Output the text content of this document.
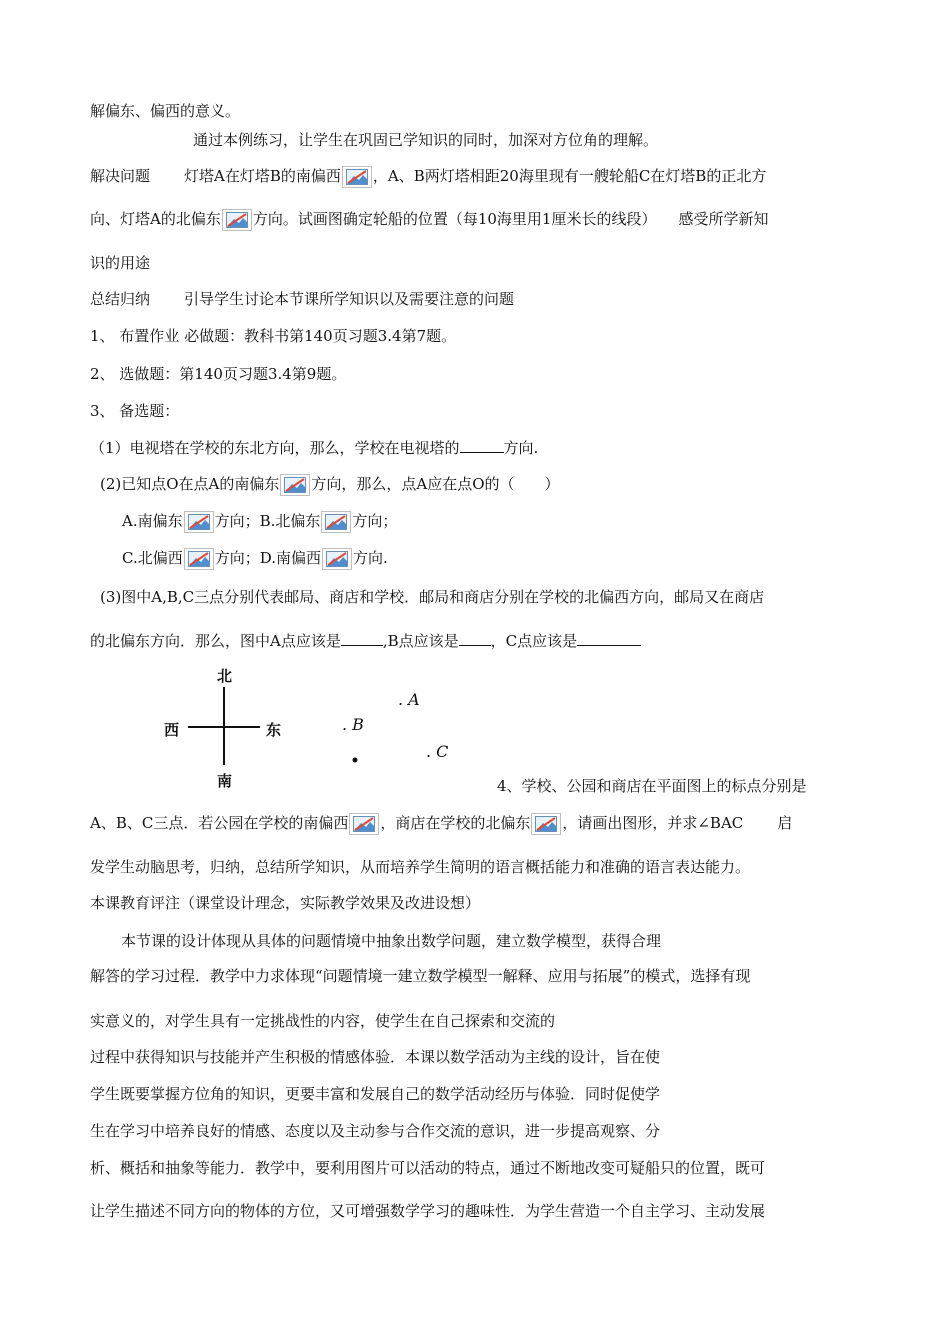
解偏东、偏西的意义。
通过本例练习，让学生在巩固已学知识的同时，加深对方位角的理解。
解决问题 灯塔A在灯塔B的南偏西 ，A、B两灯塔相距20海里现有一艘轮船C在灯塔B的正北方
向、灯塔A的北偏东 方向。试画图确定轮船的位置（每10海里用1厘米长的线段） 感受所学新知
识的用途
总结归纳 引导学生讨论本节课所学知识以及需要注意的问题
1、 布置作业 必做题：教科书第140页习题3.4第7题。
2、 选做题：第140页习题3.4第9题。
3、 备选题：
（1）电视塔在学校的东北方向，那么，学校在电视塔的	方向.
(2)已知点O在点A的南偏东 方向，那么，点A应在点O的（　　）
A.南偏东 方向；B.北偏东 方向；
C.北偏西 方向；D.南偏西 方向.
(3)图中A,B,C三点分别代表邮局、商店和学校．邮局和商店分别在学校的北偏西方向，邮局又在商店
的北偏东方向．那么，图中A点应该是	,B点应该是 ，C点应该是
北
南
西	东
. A
. B
. C
4、学校、公园和商店在平面图上的标点分别是
A、B、C三点．若公园在学校的南偏西 ，商店在学校的北偏东 ，请画出图形，并求∠BAC 启
发学生动脑思考，归纳，总结所学知识，从而培养学生简明的语言概括能力和准确的语言表达能力。
本课教育评注（课堂设计理念，实际教学效果及改进设想）
本节课的设计体现从具体的问题情境中抽象出数学问题，建立数学模型，获得合理
解答的学习过程．教学中力求体现“问题情境一建立数学模型一解释、应用与拓展”的模式，选择有现
实意义的，对学生具有一定挑战性的内容，使学生在自己探索和交流的
过程中获得知识与技能并产生积极的情感体验．本课以数学活动为主线的设计，旨在使
学生既要掌握方位角的知识，更要丰富和发展自己的数学活动经历与体验．同时促使学
生在学习中培养良好的情感、态度以及主动参与合作交流的意识，进一步提高观察、分
析、概括和抽象等能力．教学中，要利用图片可以活动的特点，通过不断地改变可疑船只的位置，既可
让学生描述不同方向的物体的方位，又可增强数学学习的趣味性．为学生营造一个自主学习、主动发展
